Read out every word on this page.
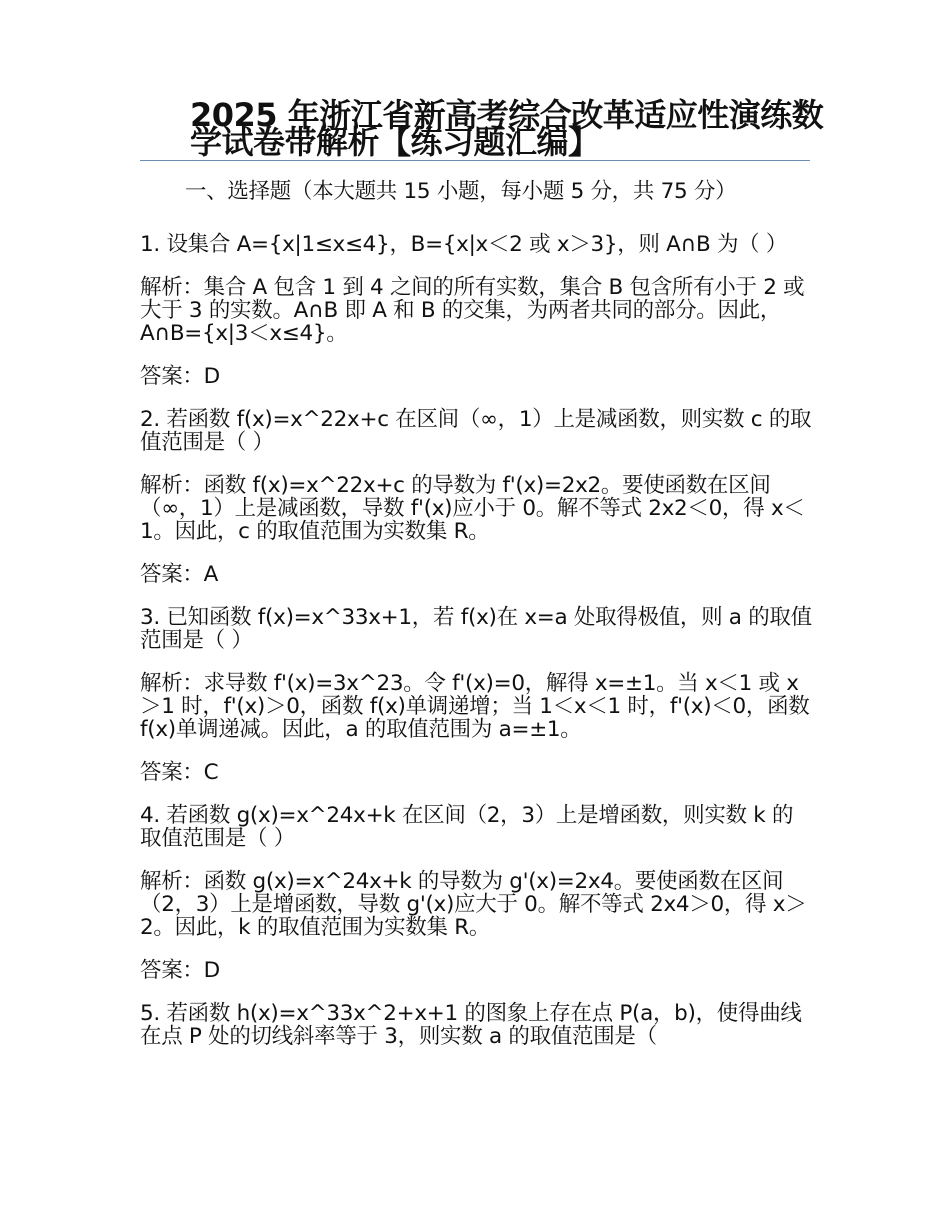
2025 年浙江省新高考综合改革适应性演练数学试卷带解析【练习题汇编】

一、选择题（本大题共 15 小题，每小题 5 分，共 75 分）

1. 设集合 A={x|1≤x≤4}，B={x|x＜2 或 x＞3}，则 A∩B 为（ ）

解析：集合 A 包含 1 到 4 之间的所有实数，集合 B 包含所有小于 2 或大于 3 的实数。A∩B 即 A 和 B 的交集，为两者共同的部分。因此，A∩B={x|3＜x≤4}。

答案：D

2. 若函数 f(x)=x^22x+c 在区间（∞，1）上是减函数，则实数 c 的取值范围是（ ）

解析：函数 f(x)=x^22x+c 的导数为 f'(x)=2x2。要使函数在区间（∞，1）上是减函数，导数 f'(x)应小于 0。解不等式 2x2＜0，得 x＜1。因此，c 的取值范围为实数集 R。

答案：A

3. 已知函数 f(x)=x^33x+1，若 f(x)在 x=a 处取得极值，则 a 的取值范围是（ ）

解析：求导数 f'(x)=3x^23。令 f'(x)=0，解得 x=±1。当 x＜1 或 x＞1 时，f'(x)＞0，函数 f(x)单调递增；当 1＜x＜1 时，f'(x)＜0，函数 f(x)单调递减。因此，a 的取值范围为 a=±1。

答案：C

4. 若函数 g(x)=x^24x+k 在区间（2，3）上是增函数，则实数 k 的取值范围是（ ）

解析：函数 g(x)=x^24x+k 的导数为 g'(x)=2x4。要使函数在区间（2，3）上是增函数，导数 g'(x)应大于 0。解不等式 2x4＞0，得 x＞2。因此，k 的取值范围为实数集 R。

答案：D

5. 若函数 h(x)=x^33x^2+x+1 的图象上存在点 P(a，b)，使得曲线在点 P 处的切线斜率等于 3，则实数 a 的取值范围是（
